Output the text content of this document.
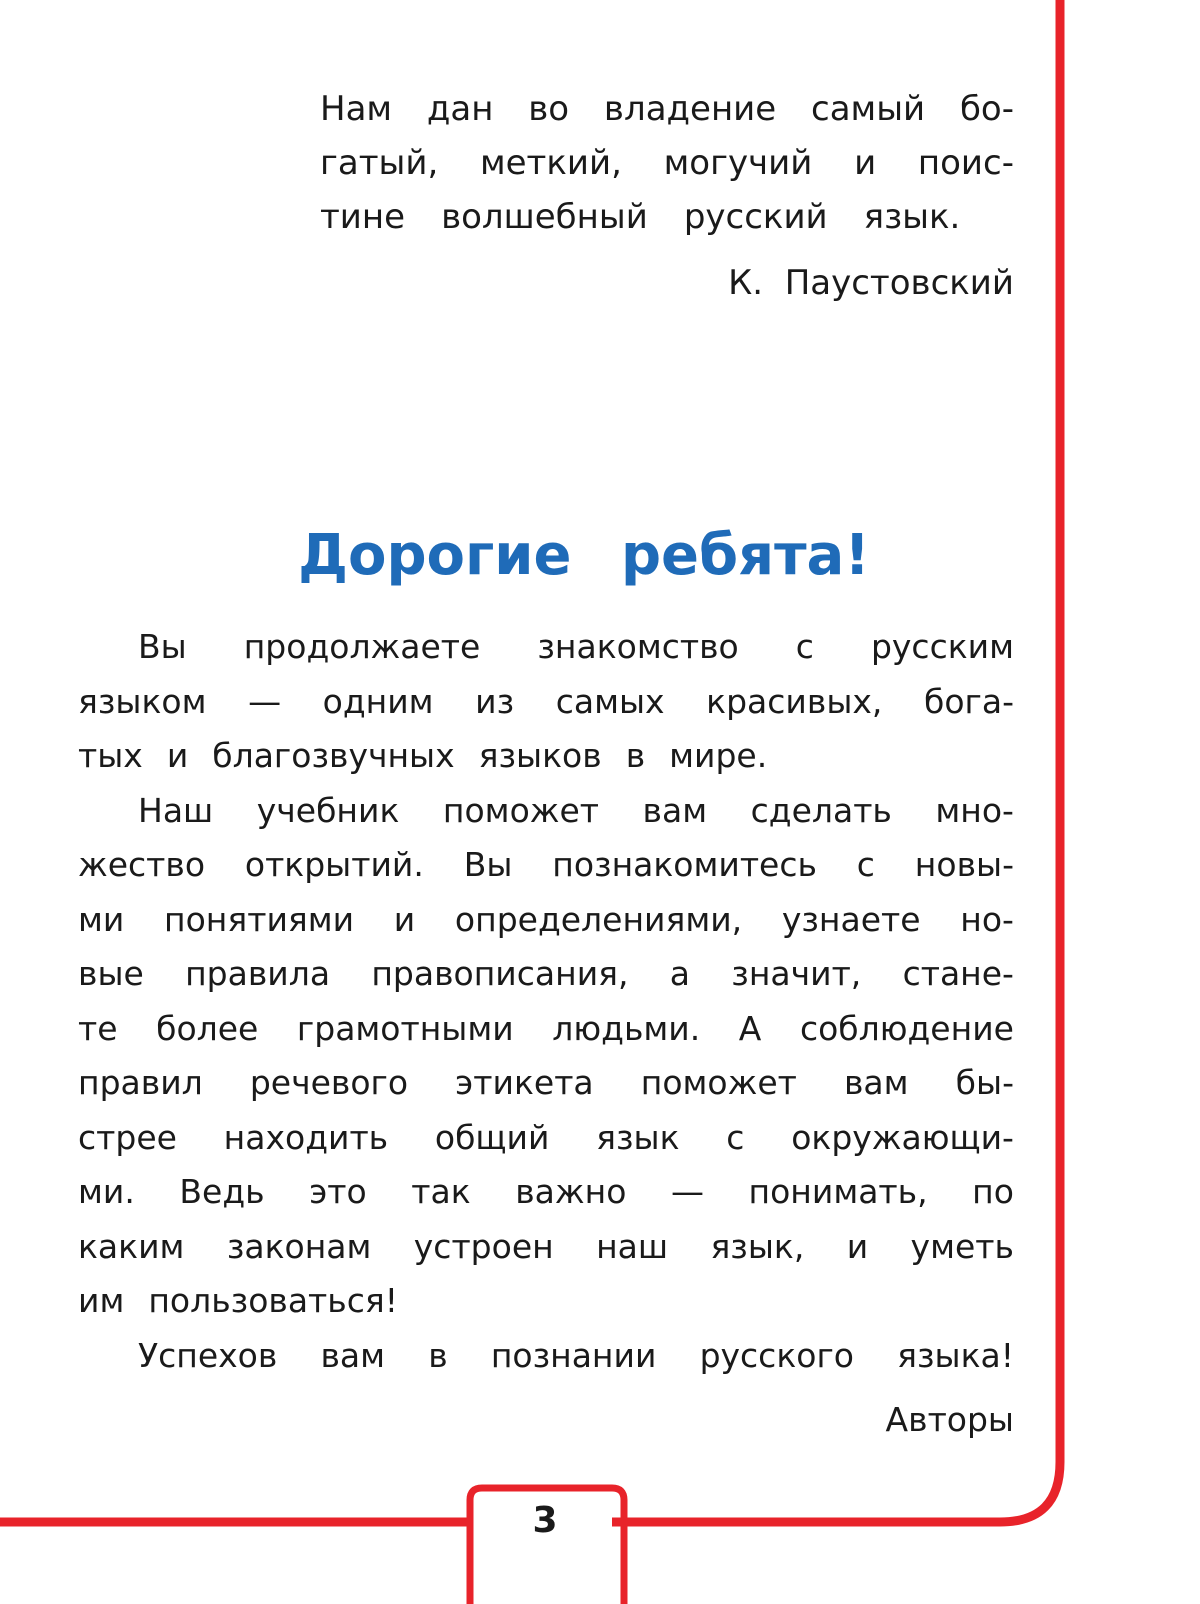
Нам дан во владение самый бо-
гатый, меткий, могучий и поис-
тине волшебный русский язык.
К.  Паустовский
Дорогие ребята!
Вы продолжаете знакомство с русским
языком — одним из самых красивых, бога-
тых и благозвучных языков в мире.
Наш учебник поможет вам сделать мно-
жество открытий. Вы познакомитесь с новы-
ми понятиями и определениями, узнаете но-
вые правила правописания, а значит, стане-
те более грамотными людьми. А соблюдение
правил речевого этикета поможет вам бы-
стрее находить общий язык с окружающи-
ми. Ведь это так важно — понимать, по
каким законам устроен наш язык, и уметь
им пользоваться!
Успехов вам в познании русского языка!
Авторы
3
